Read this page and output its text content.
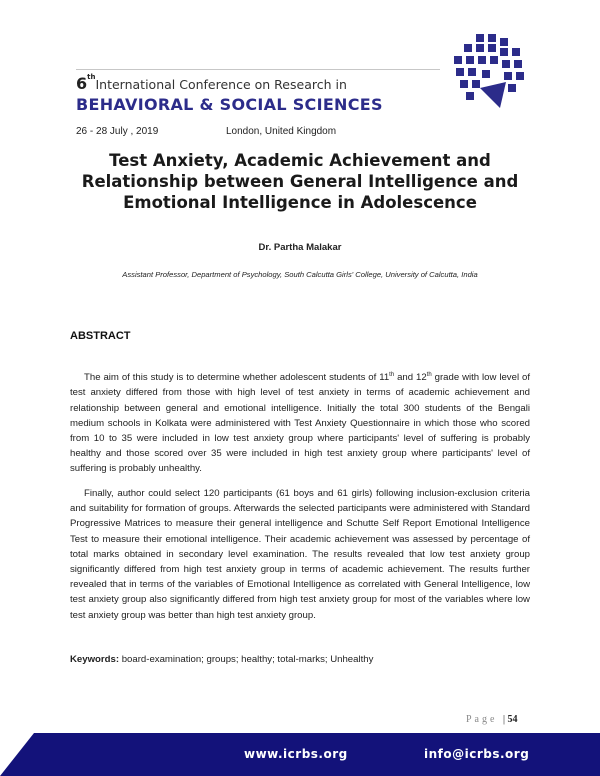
6thInternational Conference on Research in
BEHAVIORAL & SOCIAL SCIENCES
26 - 28 July , 2019	London, United Kingdom
Test Anxiety, Academic Achievement and Relationship between General Intelligence and Emotional Intelligence in Adolescence
Dr. Partha Malakar
Assistant Professor, Department of Psychology, South Calcutta Girls' College, University of Calcutta, India
ABSTRACT

The aim of this study is to determine whether adolescent students of 11th and 12th grade with low level of test anxiety differed from those with high level of test anxiety in terms of academic achievement and relationship between general and emotional intelligence. Initially the total 300 students of the Bengali medium schools in Kolkata were administered with Test Anxiety Questionnaire in which those who scored from 10 to 35 were included in low test anxiety group where participants' level of suffering is probably healthy and those scored over 35 were included in high test anxiety group where participants' level of suffering is probably unhealthy.

Finally, author could select 120 participants (61 boys and 61 girls) following inclusion-exclusion criteria and suitability for formation of groups. Afterwards the selected participants were administered with Standard Progressive Matrices to measure their general intelligence and Schutte Self Report Emotional Intelligence Test to measure their emotional intelligence. Their academic achievement was assessed by percentage of total marks obtained in secondary level examination. The results revealed that low test anxiety group significantly differed from high test anxiety group in terms of academic achievement. The results further revealed that in terms of the variables of Emotional Intelligence as correlated with General Intelligence, low test anxiety group also significantly differed from high test anxiety group for most of the variables where low test anxiety group was better than high test anxiety group.

Keywords: board-examination; groups; healthy; total-marks; Unhealthy
Page | 54
www.icrbs.org	info@icrbs.org
